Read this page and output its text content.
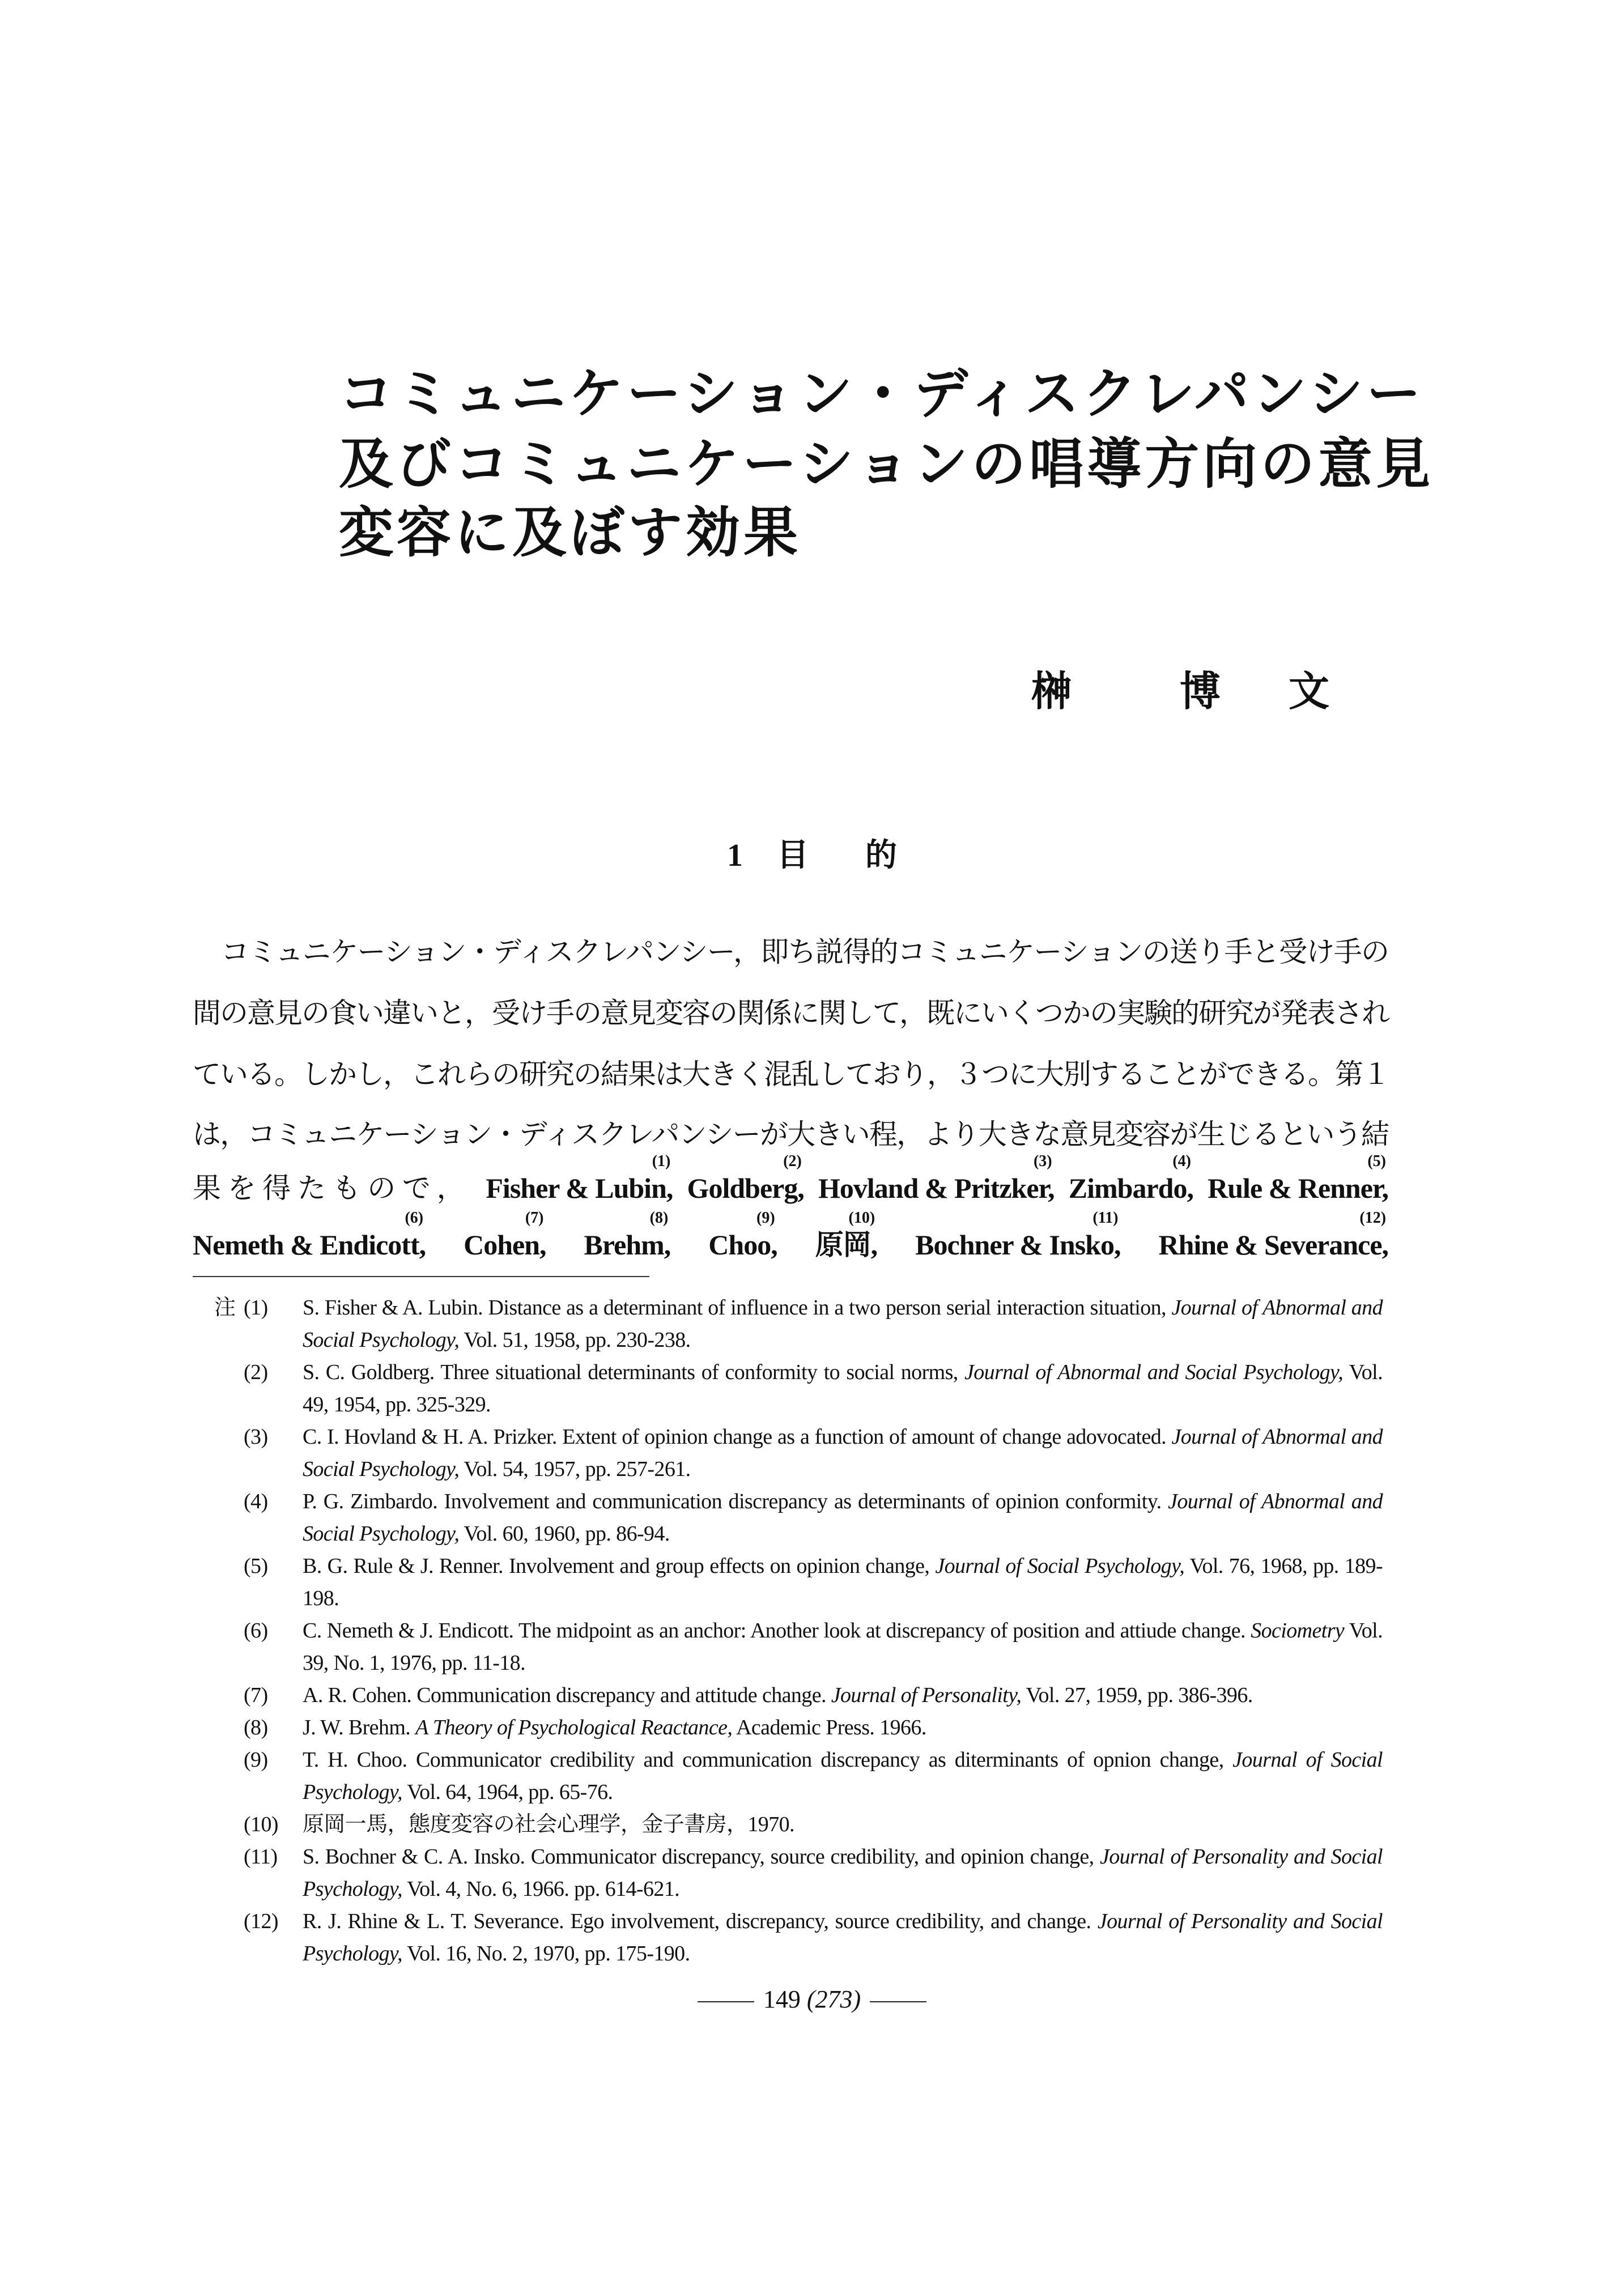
コミュニケーション・ディスクレパンシー
及びコミュニケーションの唱導方向の意見
変容に及ぼす効果
榊	博文
1 目 的
コミュニケーション・ディスクレパンシー，即ち説得的コミュニケーションの送り手と受け手の
間の意見の食い違いと，受け手の意見変容の関係に関して，既にいくつかの実験的研究が発表され
ている。しかし，これらの研究の結果は大きく混乱しており，３つに大別することができる。第１
は，コミュニケーション・ディスクレパンシーが大きい程，より大きな意見変容が生じるという結
果を得たもので， Fisher & Lubin,
(1)
Goldberg,
(2)
Hovland & Pritzker,
(3)
Zimbardo,
(4)
Rule & Renner,
(5)
Nemeth & Endicott,
(6)
Cohen,
(7)
Brehm,
(8)
Choo,
(9)
原岡,
(10)
Bochner & Insko,
(11)
Rhine & Severance,
(12)
注 (1) S. Fisher & A. Lubin. Distance as a determinant of influence in a two person serial interaction situation, Journal of Abnormal and Social Psychology, Vol. 51, 1958, pp. 230-238.
(2) S. C. Goldberg. Three situational determinants of conformity to social norms, Journal of Abnormal and Social Psychology, Vol. 49, 1954, pp. 325-329.
(3) C. I. Hovland & H. A. Prizker. Extent of opinion change as a function of amount of change adovocated. Journal of Abnormal and Social Psychology, Vol. 54, 1957, pp. 257-261.
(4) P. G. Zimbardo. Involvement and communication discrepancy as determinants of opinion conformity. Journal of Abnormal and Social Psychology, Vol. 60, 1960, pp. 86-94.
(5) B. G. Rule & J. Renner. Involvement and group effects on opinion change, Journal of Social Psychology, Vol. 76, 1968, pp. 189-198.
(6) C. Nemeth & J. Endicott. The midpoint as an anchor: Another look at discrepancy of position and attiude change. Sociometry Vol. 39, No. 1, 1976, pp. 11-18.
(7) A. R. Cohen. Communication discrepancy and attitude change. Journal of Personality, Vol. 27, 1959, pp. 386-396.
(8) J. W. Brehm. A Theory of Psychological Reactance, Academic Press. 1966.
(9) T. H. Choo. Communicator credibility and communication discrepancy as diterminants of opnion change, Journal of Social Psychology, Vol. 64, 1964, pp. 65-76.
(10) 原岡一馬，態度変容の社会心理学，金子書房，1970.
(11) S. Bochner & C. A. Insko. Communicator discrepancy, source credibility, and opinion change, Journal of Personality and Social Psychology, Vol. 4, No. 6, 1966. pp. 614-621.
(12) R. J. Rhine & L. T. Severance. Ego involvement, discrepancy, source credibility, and change. Journal of Personality and Social Psychology, Vol. 16, No. 2, 1970, pp. 175-190.
149 (273)
